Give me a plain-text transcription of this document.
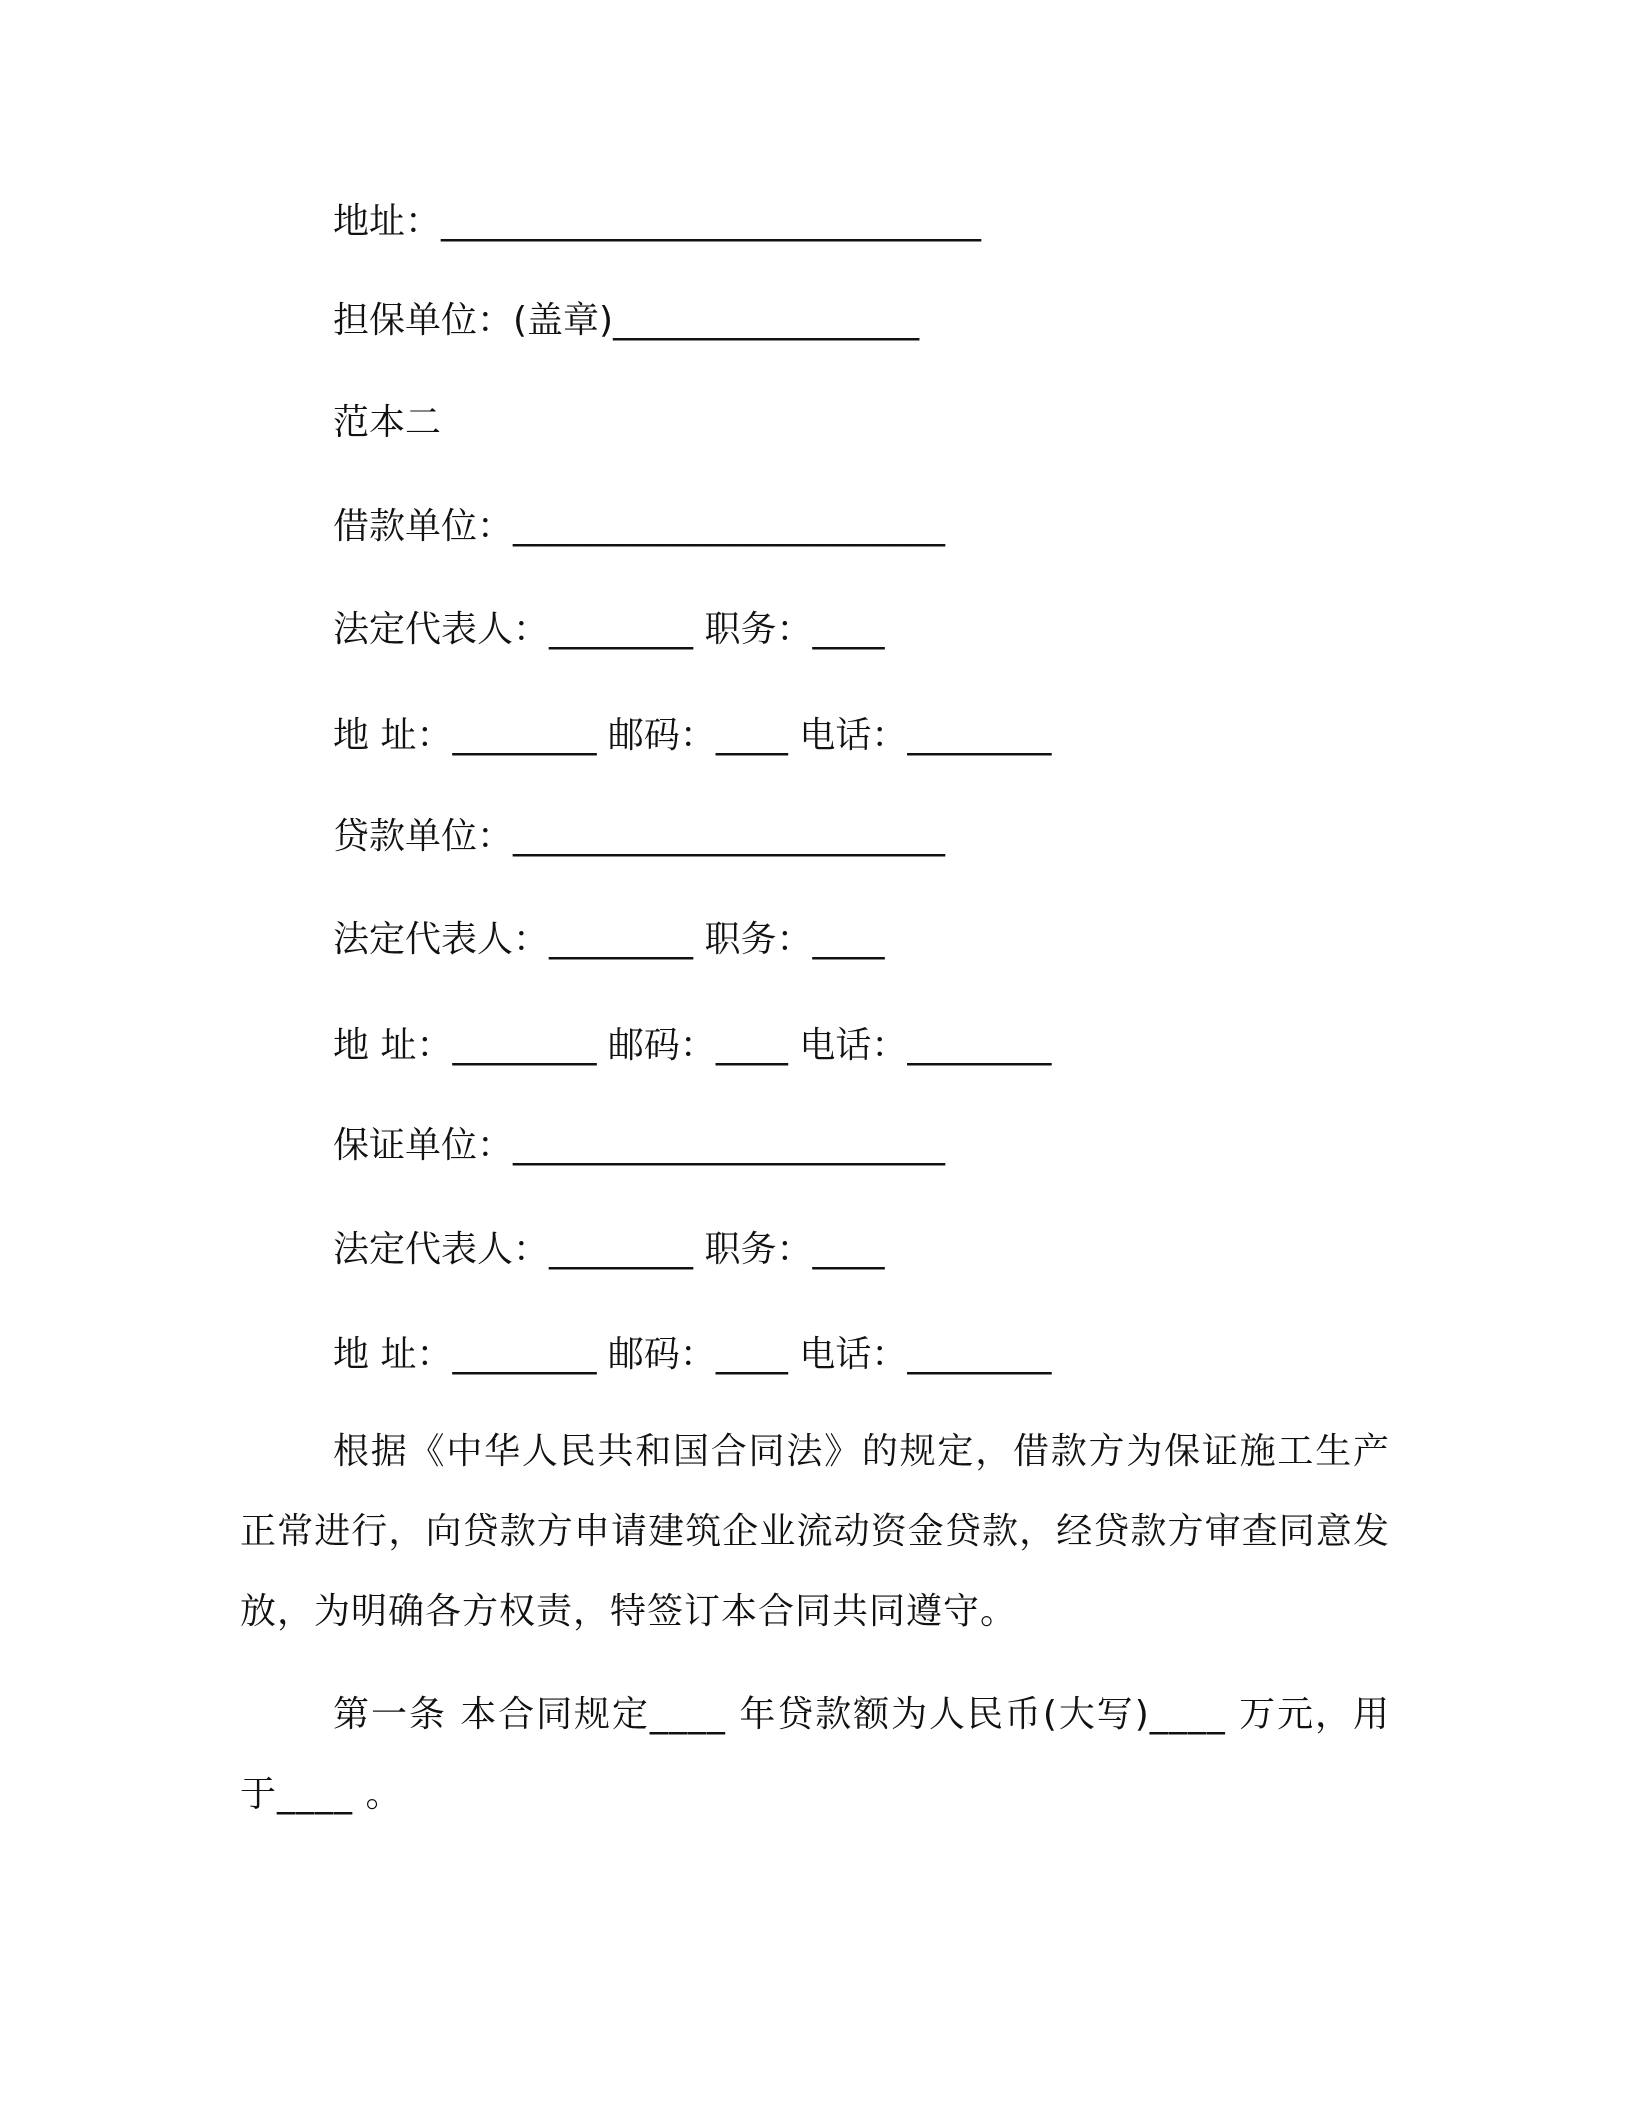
地址：______________________________
担保单位：(盖章)_________________
范本二
借款单位：________________________
法定代表人：________ 职务：____
地 址：________ 邮码：____ 电话：________
贷款单位：________________________
法定代表人：________ 职务：____
地 址：________ 邮码：____ 电话：________
保证单位：________________________
法定代表人：________ 职务：____
地 址：________ 邮码：____ 电话：________
根据《中华人民共和国合同法》的规定，借款方为保证施工生产正常进行，向贷款方申请建筑企业流动资金贷款，经贷款方审查同意发放，为明确各方权责，特签订本合同共同遵守。
第一条 本合同规定____ 年贷款额为人民币(大写)____ 万元，用于____ 。
